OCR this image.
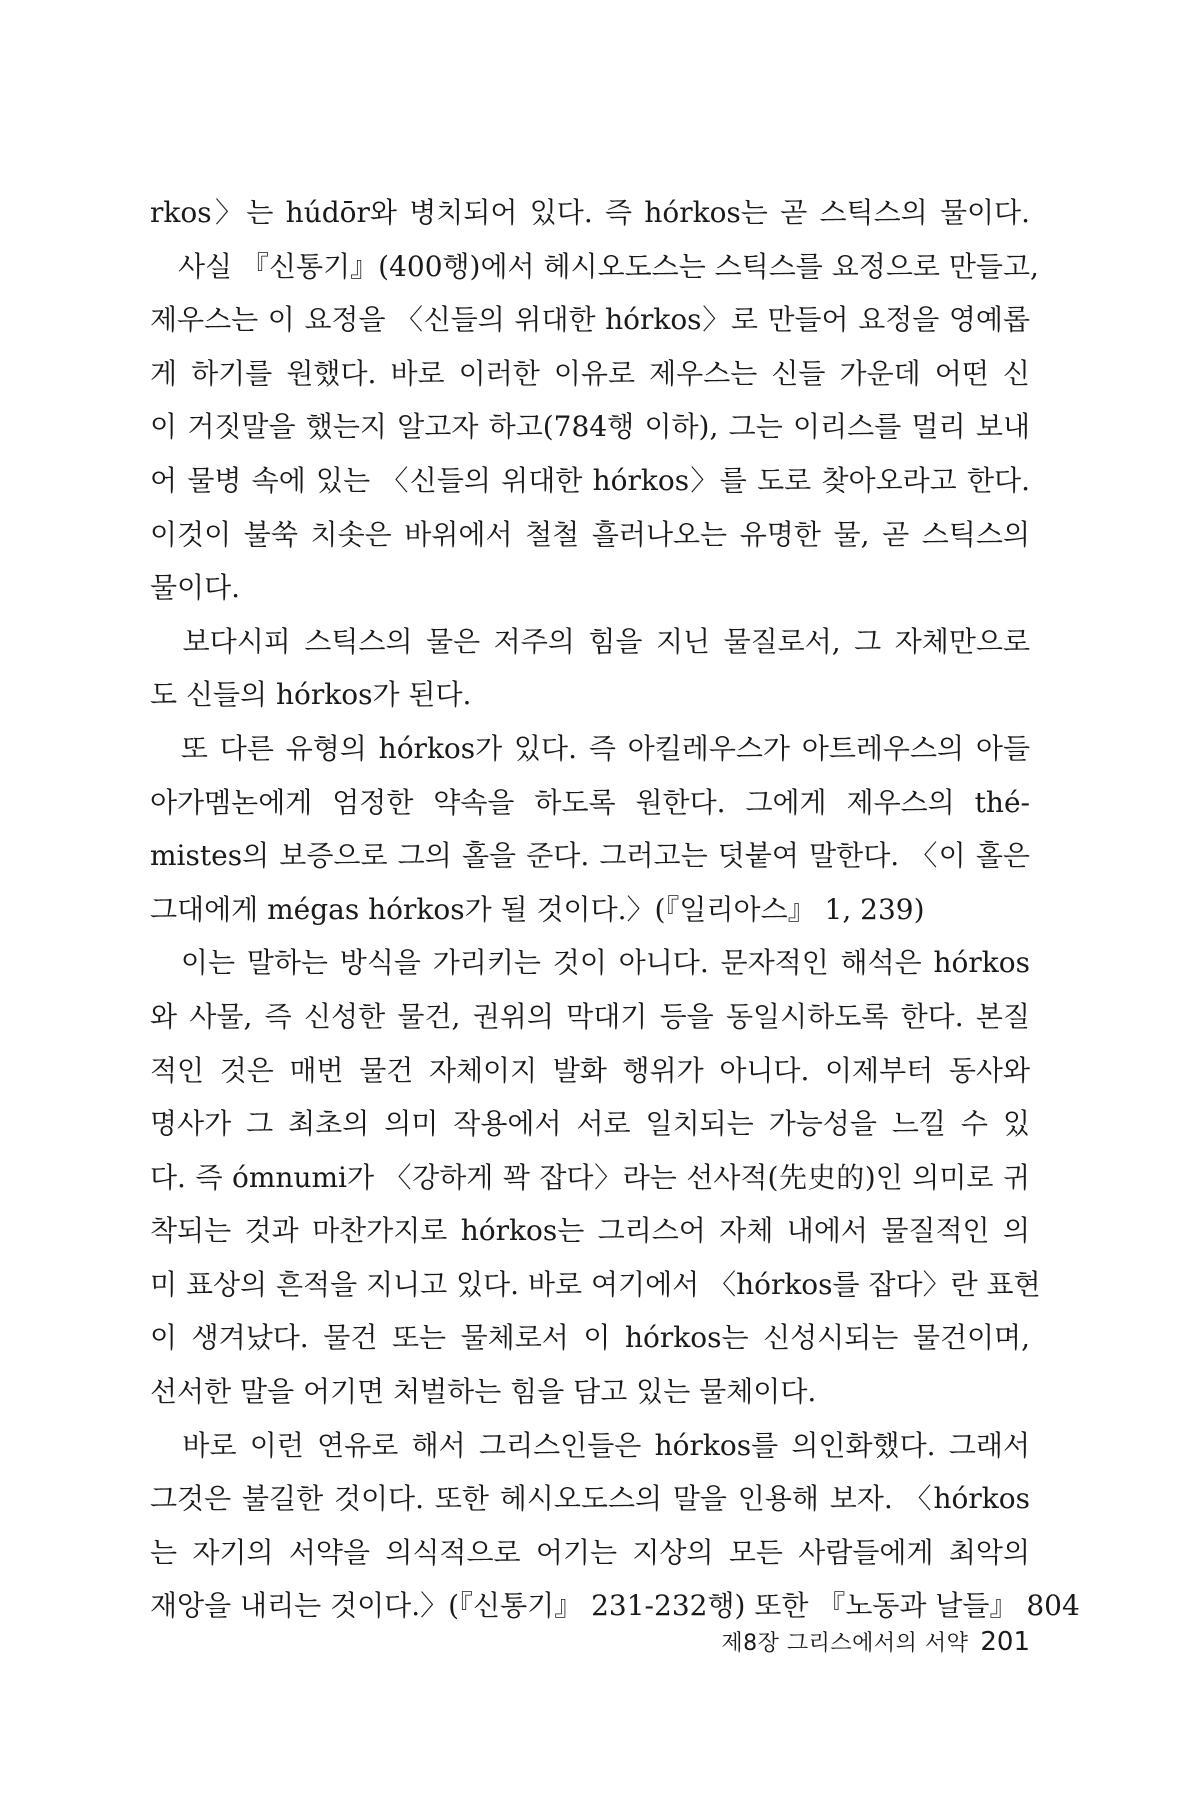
rkos〉는 húdōr와 병치되어 있다. 즉 hórkos는 곧 스틱스의 물이다.
　사실 『신통기』(400행)에서 헤시오도스는 스틱스를 요정으로 만들고,
제우스는 이 요정을 〈신들의 위대한 hórkos〉로 만들어 요정을 영예롭
게 하기를 원했다. 바로 이러한 이유로 제우스는 신들 가운데 어떤 신
이 거짓말을 했는지 알고자 하고(784행 이하), 그는 이리스를 멀리 보내
어 물병 속에 있는 〈신들의 위대한 hórkos〉를 도로 찾아오라고 한다.
이것이 불쑥 치솟은 바위에서 철철 흘러나오는 유명한 물, 곧 스틱스의
물이다.
　보다시피 스틱스의 물은 저주의 힘을 지닌 물질로서, 그 자체만으로
도 신들의 hórkos가 된다.
　또 다른 유형의 hórkos가 있다. 즉 아킬레우스가 아트레우스의 아들
아가멤논에게 엄정한 약속을 하도록 원한다. 그에게 제우스의 thé-
mistes의 보증으로 그의 홀을 준다. 그러고는 덧붙여 말한다. 〈이 홀은
그대에게 mégas hórkos가 될 것이다.〉(『일리아스』 1, 239)
　이는 말하는 방식을 가리키는 것이 아니다. 문자적인 해석은 hórkos
와 사물, 즉 신성한 물건, 권위의 막대기 등을 동일시하도록 한다. 본질
적인 것은 매번 물건 자체이지 발화 행위가 아니다. 이제부터 동사와
명사가 그 최초의 의미 작용에서 서로 일치되는 가능성을 느낄 수 있
다. 즉 ómnumi가 〈강하게 꽉 잡다〉라는 선사적(先史的)인 의미로 귀
착되는 것과 마찬가지로 hórkos는 그리스어 자체 내에서 물질적인 의
미 표상의 흔적을 지니고 있다. 바로 여기에서 〈hórkos를 잡다〉란 표현
이 생겨났다. 물건 또는 물체로서 이 hórkos는 신성시되는 물건이며,
선서한 말을 어기면 처벌하는 힘을 담고 있는 물체이다.
　바로 이런 연유로 해서 그리스인들은 hórkos를 의인화했다. 그래서
그것은 불길한 것이다. 또한 헤시오도스의 말을 인용해 보자. 〈hórkos
는 자기의 서약을 의식적으로 어기는 지상의 모든 사람들에게 최악의
재앙을 내리는 것이다.〉(『신통기』 231-232행) 또한 『노동과 날들』 804
제8장 그리스에서의 서약 201
